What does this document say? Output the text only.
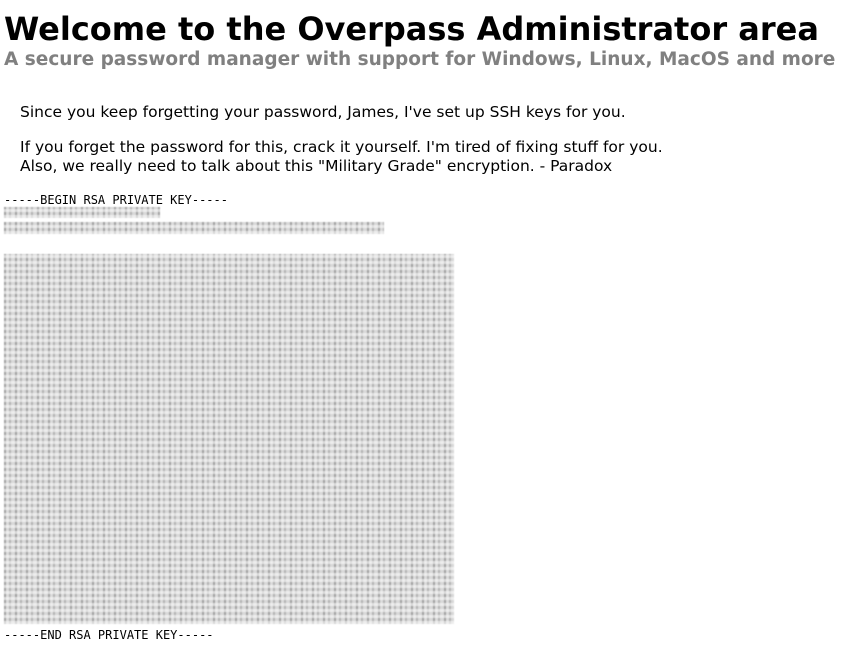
Welcome to the Overpass Administrator area
A secure password manager with support for Windows, Linux, MacOS and more

Since you keep forgetting your password, James, I've set up SSH keys for you.

If you forget the password for this, crack it yourself. I'm tired of fixing stuff for you.

Also, we really need to talk about this "Military Grade" encryption. - Paradox

-----BEGIN RSA PRIVATE KEY-----
-----END RSA PRIVATE KEY-----
